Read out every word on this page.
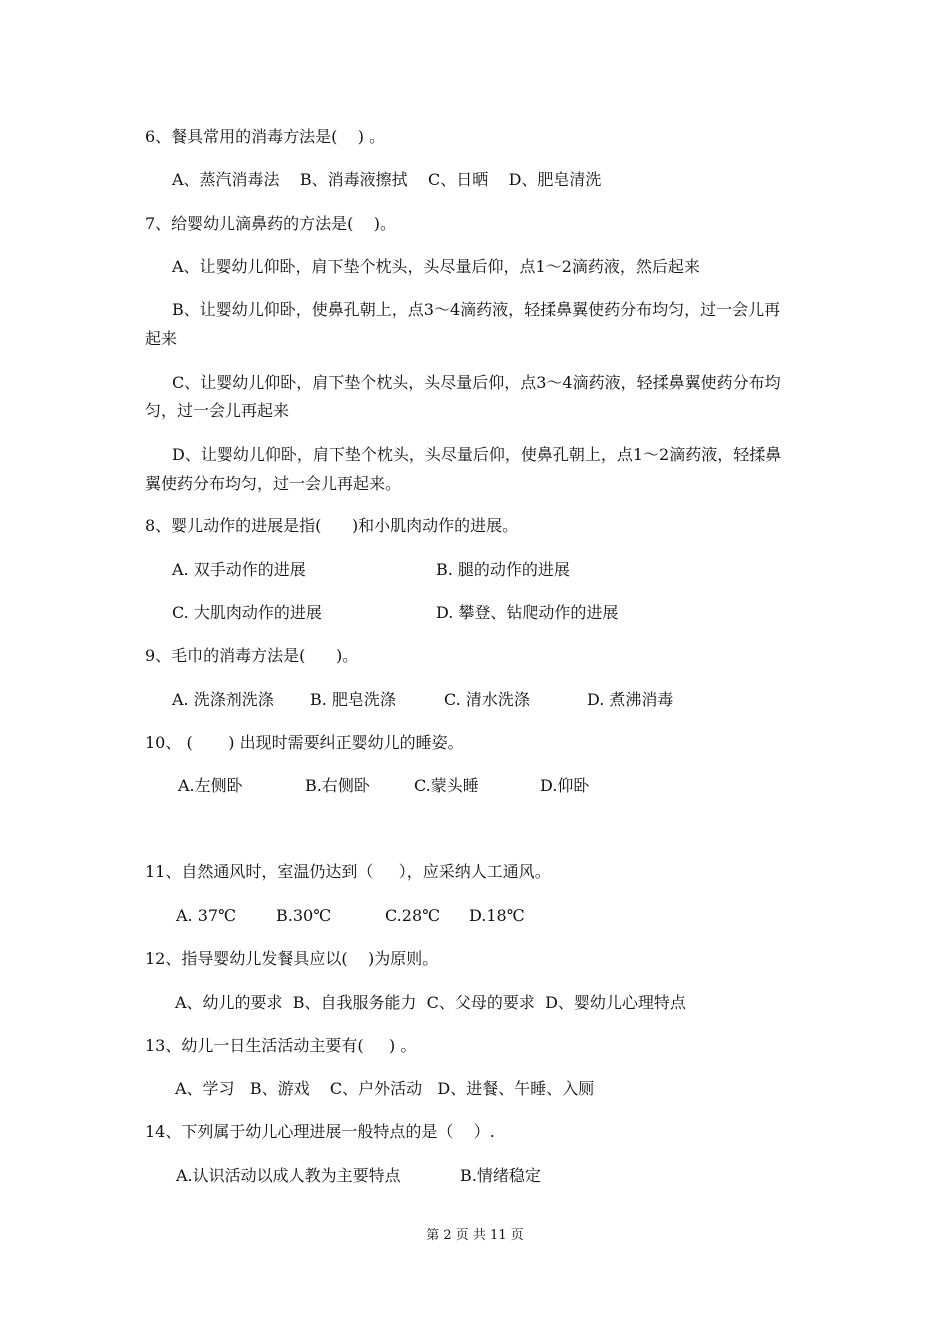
6、餐具常用的消毒方法是(    ) 。
A、蒸汽消毒法    B、消毒液擦拭    C、日晒    D、肥皂清洗
7、给婴幼儿滴鼻药的方法是(    )。
A、让婴幼儿仰卧，肩下垫个枕头，头尽量后仰，点1～2滴药液，然后起来
B、让婴幼儿仰卧，使鼻孔朝上，点3～4滴药液，轻揉鼻翼使药分布均匀，过一会儿再
起来
C、让婴幼儿仰卧，肩下垫个枕头，头尽量后仰，点3～4滴药液，轻揉鼻翼使药分布均
匀，过一会儿再起来
D、让婴幼儿仰卧，肩下垫个枕头，头尽量后仰，使鼻孔朝上，点1～2滴药液，轻揉鼻
翼使药分布均匀，过一会儿再起来。
8、婴儿动作的进展是指(      )和小肌肉动作的进展。
A. 双手动作的进展	B. 腿的动作的进展
C. 大肌肉动作的进展	D. 攀登、钻爬动作的进展
9、毛巾的消毒方法是(      )。
A. 洗涤剂洗涤 B. 肥皂洗涤	C. 清水洗涤	D. 煮沸消毒
10、 (       ) 出现时需要纠正婴幼儿的睡姿。
A.左侧卧	B.右侧卧	C.蒙头睡	D.仰卧
11、自然通风时，室温仍达到（     ），应采纳人工通风。
A. 37℃	B.30℃	C.28℃ D.18℃
12、指导婴幼儿发餐具应以(    )为原则。
A、幼儿的要求  B、自我服务能力  C、父母的要求  D、婴幼儿心理特点
13、幼儿一日生活活动主要有(     ) 。
A、学习   B、游戏    C、户外活动   D、进餐、午睡、入厕
14、下列属于幼儿心理进展一般特点的是（    ）.
A.认识活动以成人教为主要特点	B.情绪稳定
第 2 页 共 11 页
